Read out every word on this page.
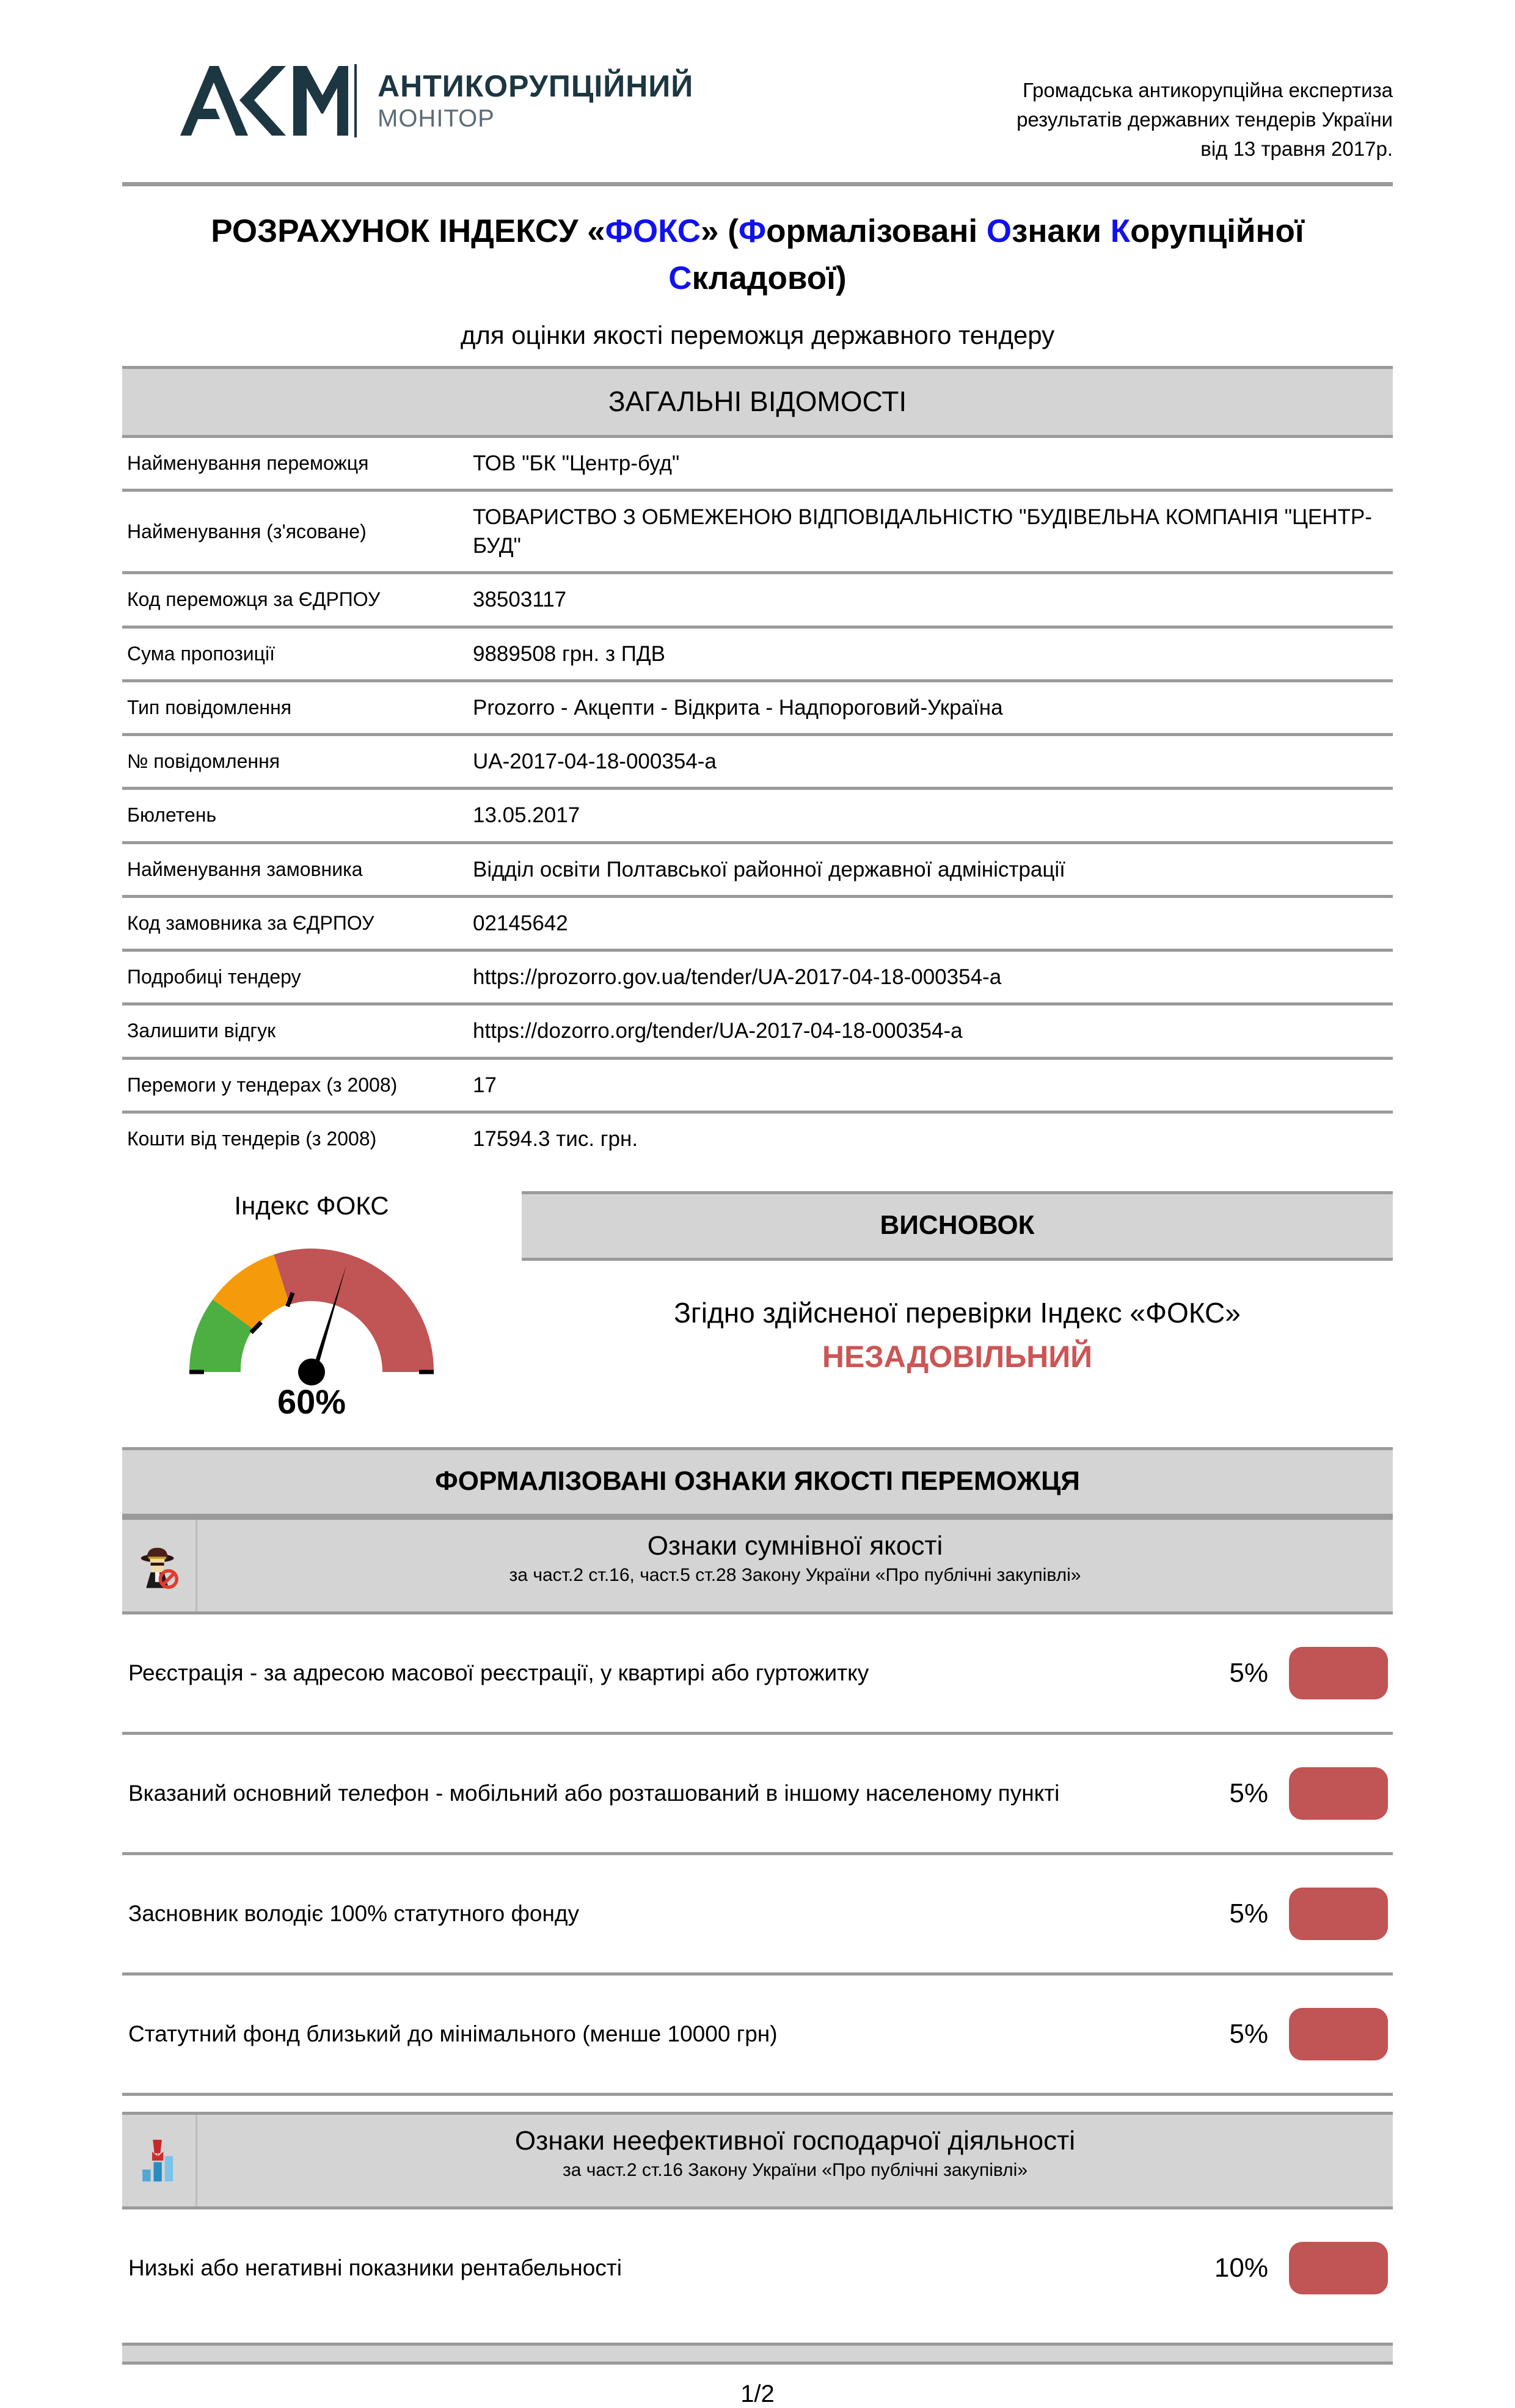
АНТИКОРУПЦІЙНИЙ
МОНІТОР
Громадська антикорупційна експертиза
результатів державних тендерів України
від 13 травня 2017р.
РОЗРАХУНОК ІНДЕКСУ «ФОКС» (Формалізовані Ознаки Корупційної
Складової)
для оцінки якості переможця державного тендеру
ЗАГАЛЬНІ ВІДОМОСТІ
Найменування переможця	ТОВ "БК "Центр-буд"
Найменування (з'ясоване)	ТОВАРИСТВО З ОБМЕЖЕНОЮ ВІДПОВІДАЛЬНІСТЮ "БУДІВЕЛЬНА КОМПАНІЯ "ЦЕНТР-БУД"
Код переможця за ЄДРПОУ	38503117
Сума пропозиції	9889508 грн. з ПДВ
Тип повідомлення	Prozorro - Акцепти - Відкрита - Надпороговий-Україна
№ повідомлення	UA-2017-04-18-000354-a
Бюлетень	13.05.2017
Найменування замовника	Відділ освіти Полтавської районної державної адміністрації
Код замовника за ЄДРПОУ	02145642
Подробиці тендеру	https://prozorro.gov.ua/tender/UA-2017-04-18-000354-a
Залишити відгук	https://dozorro.org/tender/UA-2017-04-18-000354-a
Перемоги у тендерах (з 2008)	17
Кошти від тендерів (з 2008)	17594.3 тис. грн.
Індекс ФОКС
60%
ВИСНОВОК
Згідно здійсненої перевірки Індекс «ФОКС»
НЕЗАДОВІЛЬНИЙ
ФОРМАЛІЗОВАНІ ОЗНАКИ ЯКОСТІ ПЕРЕМОЖЦЯ
Ознаки сумнівної якості
за част.2 ст.16, част.5 ст.28 Закону України «Про публічні закупівлі»
Реєстрація - за адресою масової реєстрації, у квартирі або гуртожитку	5%
Вказаний основний телефон - мобільний або розташований в іншому населеному пункті	5%
Засновник володіє 100% статутного фонду	5%
Статутний фонд близький до мінімального (менше 10000 грн)	5%
Ознаки неефективної господарчої діяльності
за част.2 ст.16 Закону України «Про публічні закупівлі»
Низькі або негативні показники рентабельності	10%
1/2
